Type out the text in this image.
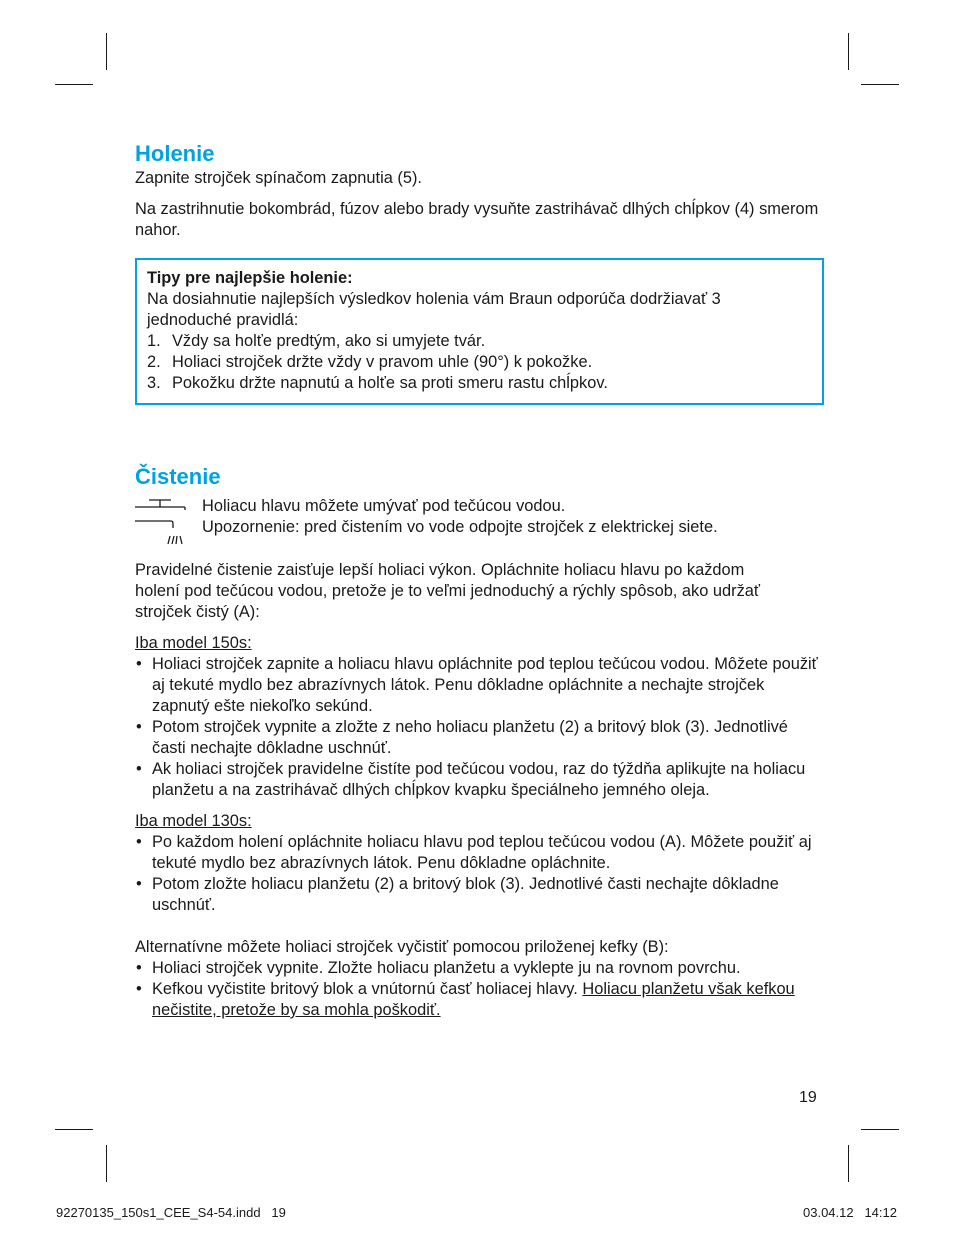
Holenie

Zapnite strojček spínačom zapnutia (5).

Na zastrihnutie bokombrád, fúzov alebo brady vysuňte zastrihávač dlhých chĺpkov (4) smerom nahor.

Tipy pre najlepšie holenie:

Na dosiahnutie najlepších výsledkov holenia vám Braun odporúča dodržiavať 3 jednoduché pravidlá:

1. Vždy sa holťe predtým, ako si umyjete tvár.
2. Holiaci strojček držte vždy v pravom uhle (90°) k pokožke.
3. Pokožku držte napnutú a holťe sa proti smeru rastu chĺpkov.
Čistenie

Holiacu hlavu môžete umývať pod tečúcou vodou.

Upozornenie: pred čistením vo vode odpojte strojček z elektrickej siete.

Pravidelné čistenie zaisťuje lepší holiaci výkon. Opláchnite holiacu hlavu po každom holení pod tečúcou vodou, pretože je to veľmi jednoduchý a rýchly spôsob, ako udržať strojček čistý (A):

Iba model 150s:

• Holiaci strojček zapnite a holiacu hlavu opláchnite pod teplou tečúcou vodou. Môžete použiť aj tekuté mydlo bez abrazívnych látok. Penu dôkladne opláchnite a nechajte strojček zapnutý ešte niekoľko sekúnd.
• Potom strojček vypnite a zložte z neho holiacu planžetu (2) a britový blok (3). Jednotlivé časti nechajte dôkladne uschnúť.
• Ak holiaci strojček pravidelne čistíte pod tečúcou vodou, raz do týždňa aplikujte na holiacu planžetu a na zastrihávač dlhých chĺpkov kvapku špeciálneho jemného oleja.

Iba model 130s:

• Po každom holení opláchnite holiacu hlavu pod teplou tečúcou vodou (A). Môžete použiť aj tekuté mydlo bez abrazívnych látok. Penu dôkladne opláchnite.
• Potom zložte holiacu planžetu (2) a britový blok (3). Jednotlivé časti nechajte dôkladne uschnúť.

Alternatívne môžete holiaci strojček vyčistiť pomocou priloženej kefky (B):

• Holiaci strojček vypnite. Zložte holiacu planžetu a vyklepte ju na rovnom povrchu.
• Kefkou vyčistite britový blok a vnútornú časť holiacej hlavy. Holiacu planžetu však kefkou nečistite, pretože by sa mohla poškodiť.
19
92270135_150s1_CEE_S4-54.indd   19	03.04.12   14:12
